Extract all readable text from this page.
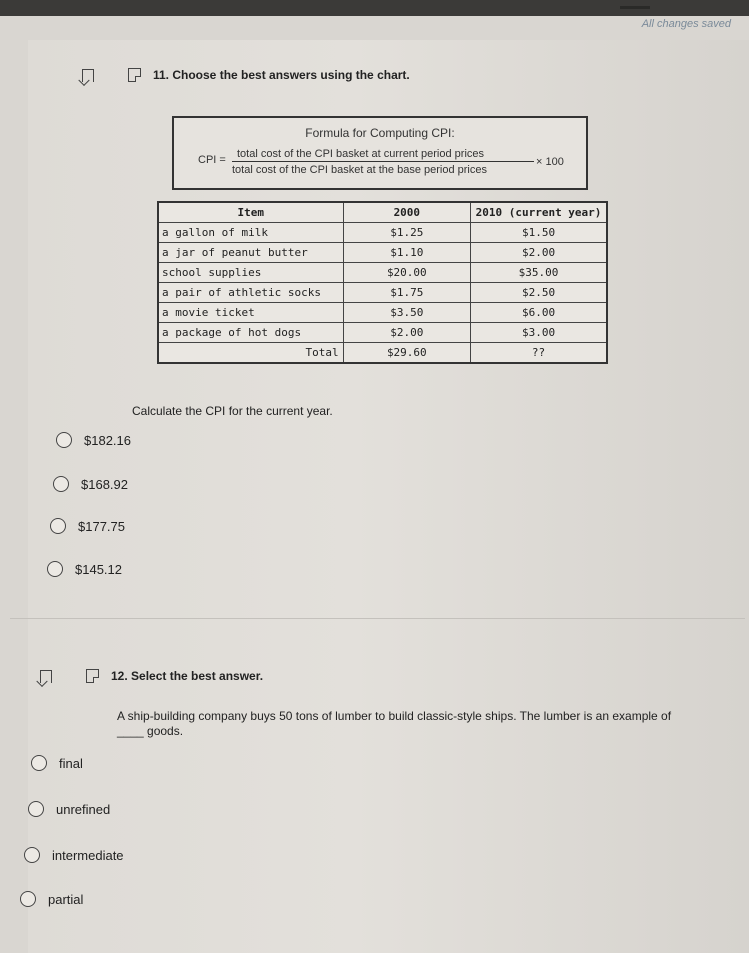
▬▬▬
All changes saved
11. Choose the best answers using the chart.
Formula for Computing CPI:
CPI = total cost of the CPI basket at current period prices
total cost of the CPI basket at the base period prices
× 100
Item	2000	2010 (current year)
a gallon of milk	$1.25	$1.50
a jar of peanut butter	$1.10	$2.00
school supplies	$20.00	$35.00
a pair of athletic socks	$1.75	$2.50
a movie ticket	$3.50	$6.00
a package of hot dogs	$2.00	$3.00
Total	$29.60	??
Calculate the CPI for the current year.
$182.16
$168.92
$177.75
$145.12
12. Select the best answer.
A ship-building company buys 50 tons of lumber to build classic-style ships. The lumber is an example of
____ goods.
final
unrefined
intermediate
partial
